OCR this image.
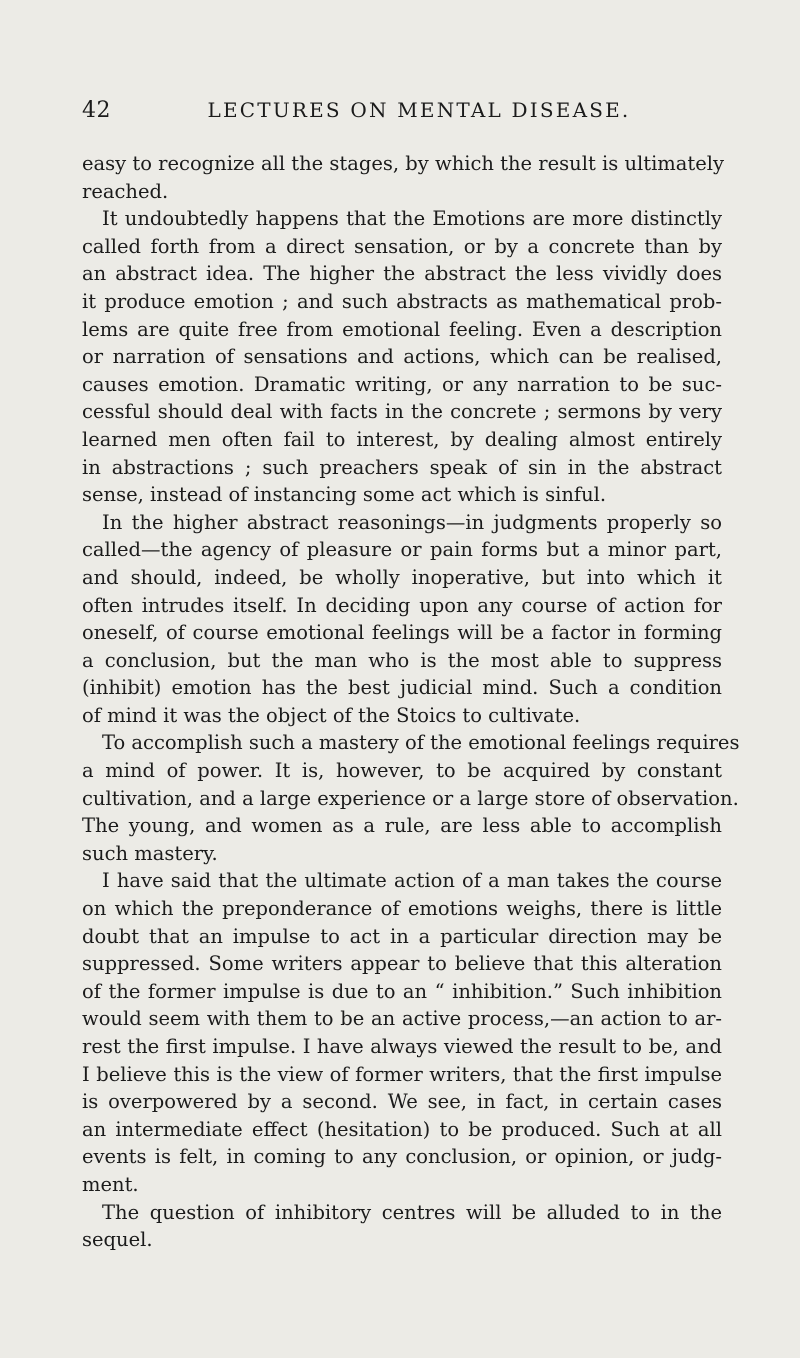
42	LECTURES ON MENTAL DISEASE.
easy to recognize all the stages, by which the result is ultimately
reached.
It undoubtedly happens that the Emotions are more distinctly
called forth from a direct sensation, or by a concrete than by
an abstract idea. The higher the abstract the less vividly does
it produce emotion ; and such abstracts as mathematical prob-
lems are quite free from emotional feeling. Even a description
or narration of sensations and actions, which can be realised,
causes emotion. Dramatic writing, or any narration to be suc-
cessful should deal with facts in the concrete ; sermons by very
learned men often fail to interest, by dealing almost entirely
in abstractions ; such preachers speak of sin in the abstract
sense, instead of instancing some act which is sinful.
In the higher abstract reasonings—in judgments properly so
called—the agency of pleasure or pain forms but a minor part,
and should, indeed, be wholly inoperative, but into which it
often intrudes itself. In deciding upon any course of action for
oneself, of course emotional feelings will be a factor in forming
a conclusion, but the man who is the most able to suppress
(inhibit) emotion has the best judicial mind. Such a condition
of mind it was the object of the Stoics to cultivate.
To accomplish such a mastery of the emotional feelings requires
a mind of power. It is, however, to be acquired by constant
cultivation, and a large experience or a large store of observation.
The young, and women as a rule, are less able to accomplish
such mastery.
I have said that the ultimate action of a man takes the course
on which the preponderance of emotions weighs, there is little
doubt that an impulse to act in a particular direction may be
suppressed. Some writers appear to believe that this alteration
of the former impulse is due to an “ inhibition.” Such inhibition
would seem with them to be an active process,—an action to ar-
rest the first impulse. I have always viewed the result to be, and
I believe this is the view of former writers, that the first impulse
is overpowered by a second. We see, in fact, in certain cases
an intermediate effect (hesitation) to be produced. Such at all
events is felt, in coming to any conclusion, or opinion, or judg-
ment.
The question of inhibitory centres will be alluded to in the
sequel.
